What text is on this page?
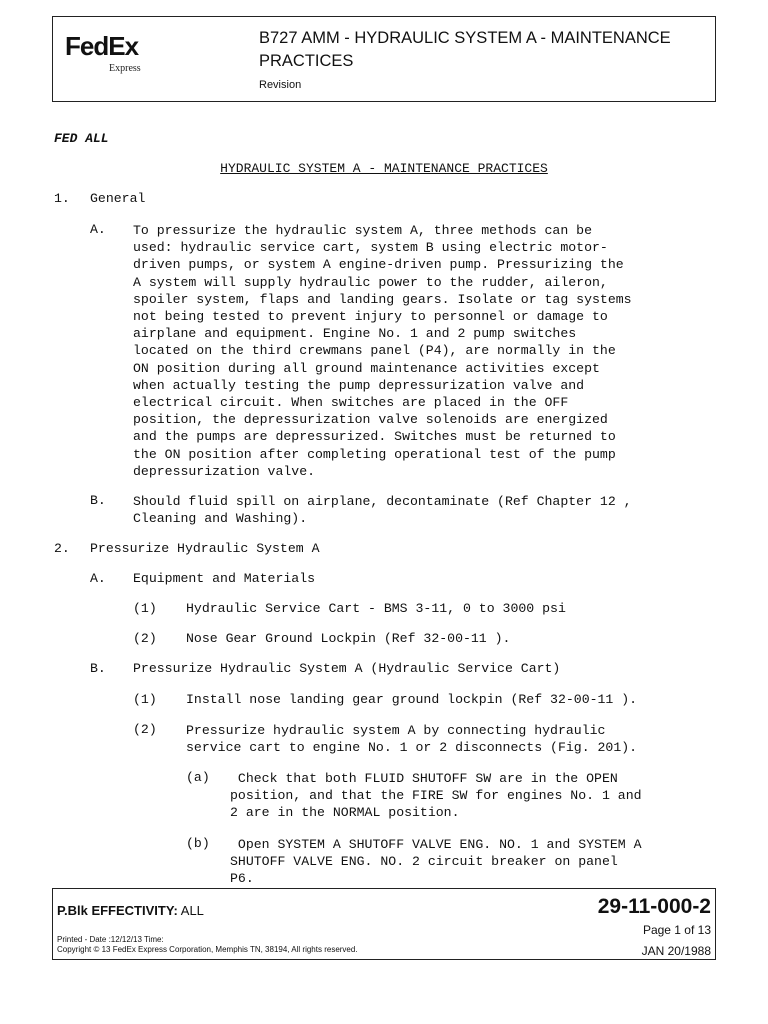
FedEx
Express
B727 AMM - HYDRAULIC SYSTEM A - MAINTENANCE PRACTICES
Revision
FED ALL
HYDRAULIC SYSTEM A - MAINTENANCE PRACTICES
1. General
A. To pressurize the hydraulic system A, three methods can be
used: hydraulic service cart, system B using electric motor-
driven pumps, or system A engine-driven pump. Pressurizing the
A system will supply hydraulic power to the rudder, aileron,
spoiler system, flaps and landing gears. Isolate or tag systems
not being tested to prevent injury to personnel or damage to
airplane and equipment. Engine No. 1 and 2 pump switches
located on the third crewmans panel (P4), are normally in the
ON position during all ground maintenance activities except
when actually testing the pump depressurization valve and
electrical circuit. When switches are placed in the OFF
position, the depressurization valve solenoids are energized
and the pumps are depressurized. Switches must be returned to
the ON position after completing operational test of the pump
depressurization valve.
B. Should fluid spill on airplane, decontaminate (Ref Chapter 12 ,
Cleaning and Washing).
2. Pressurize Hydraulic System A
A. Equipment and Materials
(1) Hydraulic Service Cart - BMS 3-11, 0 to 3000 psi
(2) Nose Gear Ground Lockpin (Ref 32-00-11 ).
B. Pressurize Hydraulic System A (Hydraulic Service Cart)
(1) Install nose landing gear ground lockpin (Ref 32-00-11 ).
(2) Pressurize hydraulic system A by connecting hydraulic
service cart to engine No. 1 or 2 disconnects (Fig. 201).
(a) Check that both FLUID SHUTOFF SW are in the OPEN
position, and that the FIRE SW for engines No. 1 and
2 are in the NORMAL position.
(b) Open SYSTEM A SHUTOFF VALVE ENG. NO. 1 and SYSTEM A
SHUTOFF VALVE ENG. NO. 2 circuit breaker on panel
P6.
P.Blk EFFECTIVITY: ALL	29-11-000-2
Page 1 of 13
Printed - Date :12/12/13 Time:
Copyright © 13 FedEx Express Corporation, Memphis TN, 38194, All rights reserved.	JAN 20/1988
